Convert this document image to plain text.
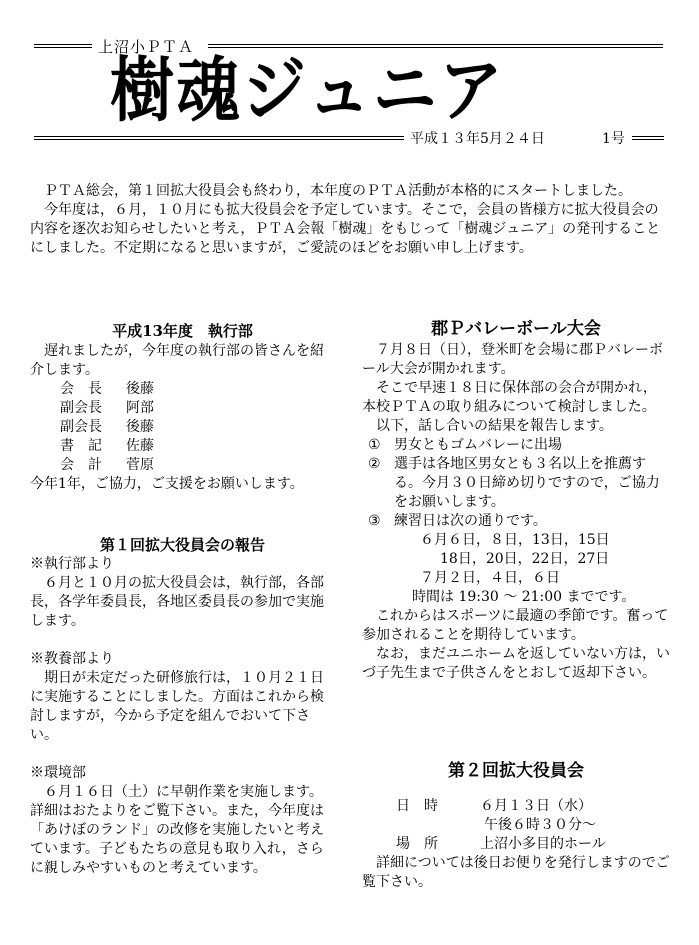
上沼小ＰＴＡ
樹魂ジュニア
平成１３年5月２４日	1号

ＰＴＡ総会，第１回拡大役員会も終わり，本年度のＰＴＡ活動が本格的にスタートしました。

今年度は，６月，１０月にも拡大役員会を予定しています。そこで，会員の皆様方に拡大役員会の内容を逐次お知らせしたいと考え，ＰＴＡ会報「樹魂」をもじって「樹魂ジュニア」の発刊することにしました。不定期になると思いますが，ご愛読のほどをお願い申し上げます。

平成13年度　執行部

遅れましたが，今年度の執行部の皆さんを紹介します。

会　長	後藤
副会長	阿部
副会長	後藤
書　記	佐藤
会　計	菅原

今年1年，ご協力，ご支援をお願いします。

第１回拡大役員会の報告

※執行部より

６月と１０月の拡大役員会は，執行部，各部長，各学年委員長，各地区委員長の参加で実施します。

※教養部より

期日が未定だった研修旅行は，１０月２１日に実施することにしました。方面はこれから検討しますが，今から予定を組んでおいて下さい。

※環境部

６月１６日（土）に早朝作業を実施します。詳細はおたよりをご覧下さい。また，今年度は「あけぼのランド」の改修を実施したいと考えています。子どもたちの意見も取り入れ，さらに親しみやすいものと考えています。

郡Ｐバレーボール大会

７月８日（日），登米町を会場に郡Ｐバレーボール大会が開かれます。

そこで早速１８日に保体部の会合が開かれ，本校ＰＴＡの取り組みについて検討しました。

以下，話し合いの結果を報告します。

① 男女ともゴムバレーに出場
② 選手は各地区男女とも３名以上を推薦する。今月３０日締め切りですので，ご協力をお願いします。
③ 練習日は次の通りです。
６月６日，８日，13日，15日
18日，20日，22日，27日
７月２日，４日，６日
時間は 19:30 〜 21:00 までです。

これからはスポーツに最適の季節です。奮って参加されることを期待しています。

なお，まだユニホームを返していない方は，いづ子先生まで子供さんをとおして返却下さい。

第２回拡大役員会
日　時	６月１３日（水）
午後６時３０分〜
場　所	上沼小多目的ホール

詳細については後日お便りを発行しますのでご覧下さい。
